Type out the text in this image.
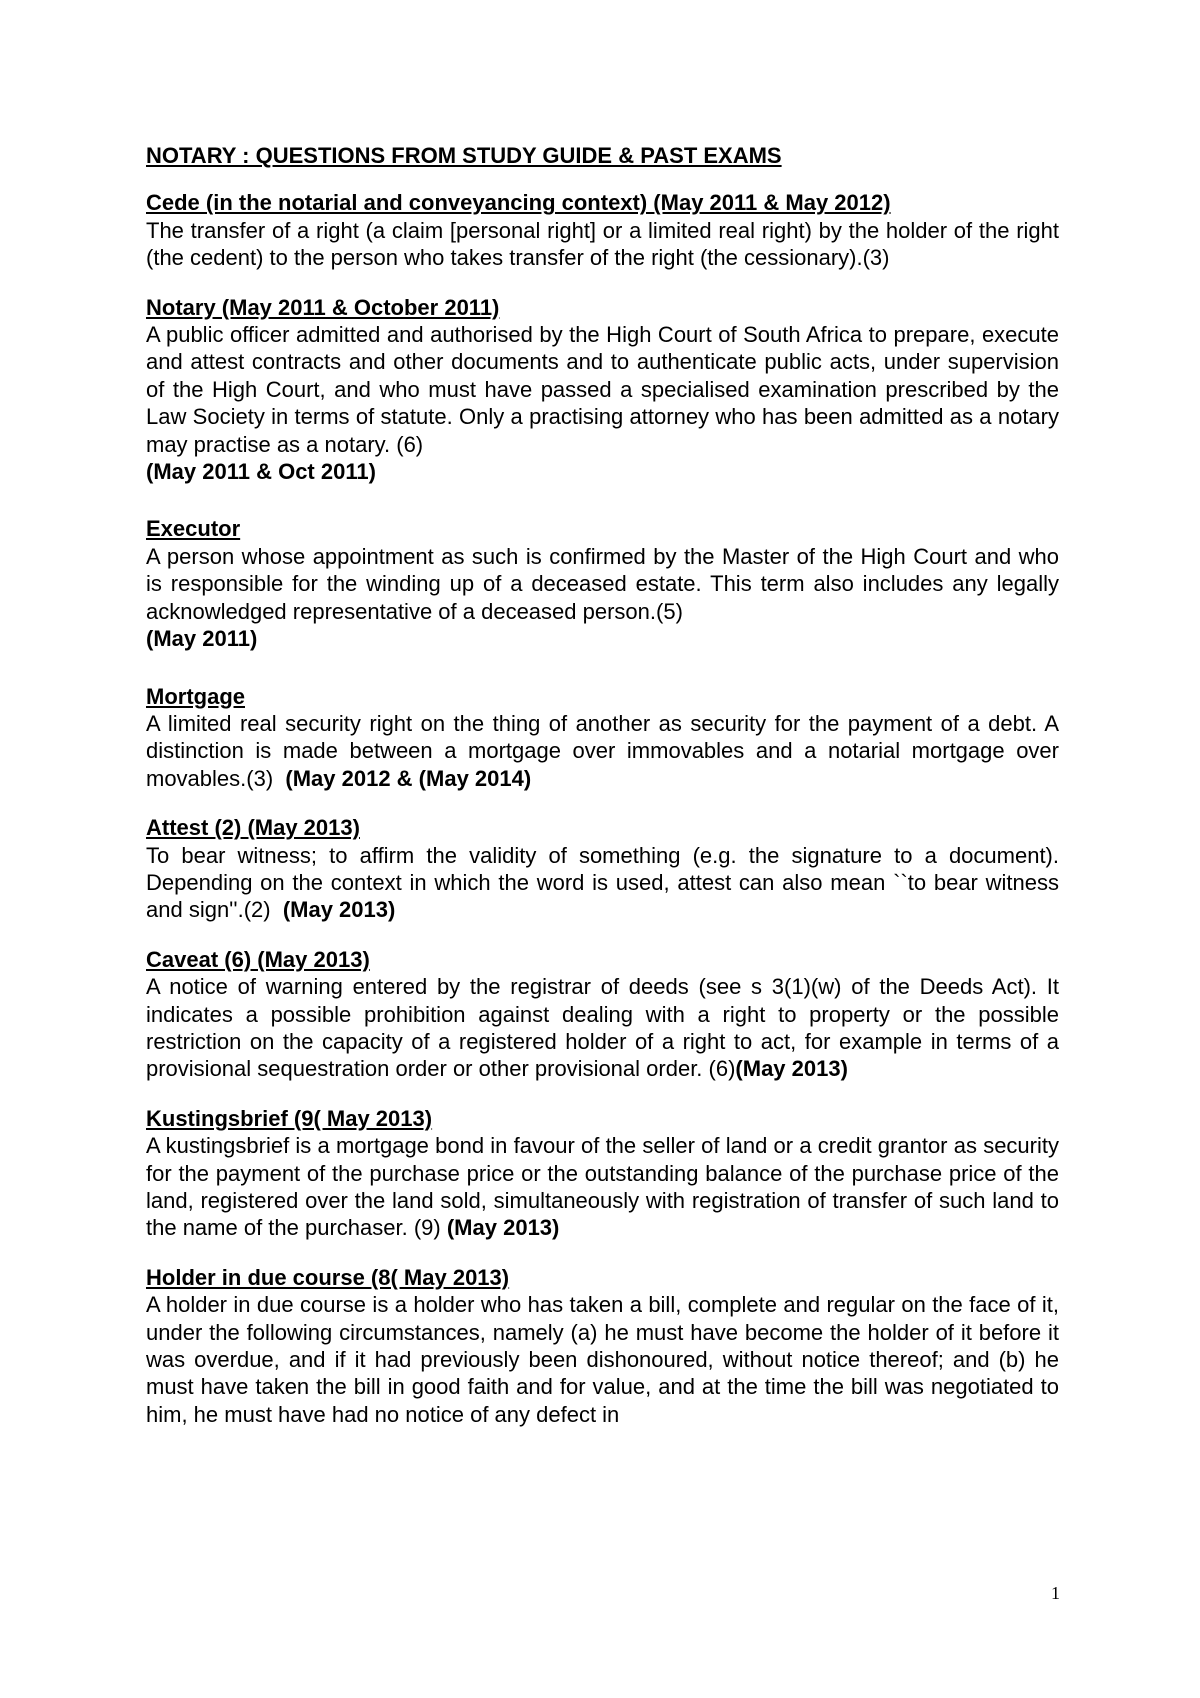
NOTARY : QUESTIONS FROM STUDY GUIDE & PAST EXAMS

Cede (in the notarial and conveyancing context) (May 2011 & May 2012)

The transfer of a right (a claim [personal right] or a limited real right) by the holder of the right (the cedent) to the person who takes transfer of the right (the cessionary).(3)

Notary (May 2011 & October 2011)

A public officer admitted and authorised by the High Court of South Africa to prepare, execute and attest contracts and other documents and to authenticate public acts, under supervision of the High Court, and who must have passed a specialised examination prescribed by the Law Society in terms of statute. Only a practising attorney who has been admitted as a notary may practise as a notary. (6)

(May 2011 & Oct 2011)

Executor

A person whose appointment as such is confirmed by the Master of the High Court and who is responsible for the winding up of a deceased estate. This term also includes any legally acknowledged representative of a deceased person.(5)

(May 2011)

Mortgage

A limited real security right on the thing of another as security for the payment of a debt. A distinction is made between a mortgage over immovables and a notarial mortgage over movables.(3) (May 2012 & (May 2014)

Attest (2) (May 2013)

To bear witness; to affirm the validity of something (e.g. the signature to a document). Depending on the context in which the word is used, attest can also mean ``to bear witness and sign''.(2) (May 2013)

Caveat (6) (May 2013)

A notice of warning entered by the registrar of deeds (see s 3(1)(w) of the Deeds Act). It indicates a possible prohibition against dealing with a right to property or the possible restriction on the capacity of a registered holder of a right to act, for example in terms of a provisional sequestration order or other provisional order. (6)(May 2013)

Kustingsbrief (9( May 2013)

A kustingsbrief is a mortgage bond in favour of the seller of land or a credit grantor as security for the payment of the purchase price or the outstanding balance of the purchase price of the land, registered over the land sold, simultaneously with registration of transfer of such land to the name of the purchaser. (9) (May 2013)

Holder in due course (8( May 2013)

A holder in due course is a holder who has taken a bill, complete and regular on the face of it, under the following circumstances, namely (a) he must have become the holder of it before it was overdue, and if it had previously been dishonoured, without notice thereof; and (b) he must have taken the bill in good faith and for value, and at the time the bill was negotiated to him, he must have had no notice of any defect in

1
